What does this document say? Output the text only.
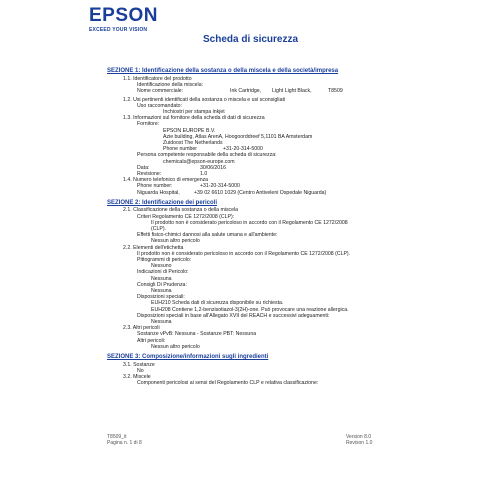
EPSON
EXCEED YOUR VISION
Scheda di sicurezza
SEZIONE 1: Identificazione della sostanza o della miscela e della società/impresa
1.1. Identificatore del prodotto
Identificazione della miscela:
Nome commerciale:	Ink Cartridge,	Light Light Black,	T8509
1.2. Usi pertinenti identificati della sostanza o miscela e usi sconsigliati
Uso raccomandato:
Inchiostri per stampa inkjet
1.3. Informazioni sul fornitore della scheda di dati di sicurezza
Fornitore:
EPSON EUROPE B.V.
Azie building, Atlas ArenA, Hoogoorddreef 5,1101 BA Amsterdam
Zuidoost The Netherlands
Phone number	+31-20-314-5000
Persona competente responsabile della scheda di sicurezza:
chemicals@epson-europe.com
Data:	30/06/2016
Revisione:	1.0
1.4. Numero telefonico di emergenza
Phone number:	+31-20-314-5000
Niguarda Hospital,	+39 02 6610 1029 (Centro Antiveleni Ospedale Niguarda)
SEZIONE 2: Identificazione dei pericoli
2.1. Classificazione della sostanza o della miscela
Criteri Regolamento CE 1272/2008 (CLP):
Il prodotto non è considerato pericoloso in accordo con il Regolamento CE 1272/2008
(CLP).
Effetti fisico-chimici dannosi alla salute umana e all'ambiente:
Nessun altro pericolo
2.2. Elementi dell'etichetta
Il prodotto non è considerato pericoloso in accordo con il Regolamento CE 1272/2008 (CLP).
Pittogrammi di pericolo:
Nessuno
Indicazioni di Pericolo:
Nessuna
Consigli Di Prudenza:
Nessuna
Disposizioni speciali:
EUH210 Scheda dati di sicurezza disponibile su richiesta.
EUH208 Contiene 1,2-benzisotiazol-3(2H)-one. Può provocare una reazione allergica.
Disposizioni speciali in base all'Allegato XVII del REACH e successivi adeguamenti:
Nessuna
2.3. Altri pericoli
Sostanze vPvB: Nessuna - Sostanze PBT: Nessuna
Altri pericoli:
Nessun altro pericolo
SEZIONE 3: Composizione/informazioni sugli ingredienti
3.1. Sostanze
No
3.2. Miscele
Componenti pericolosi ai sensi del Regolamento CLP e relativa classificazione:
T8509_it
Pagina n. 1 di 8
Version 8.0
Revison 1.0
